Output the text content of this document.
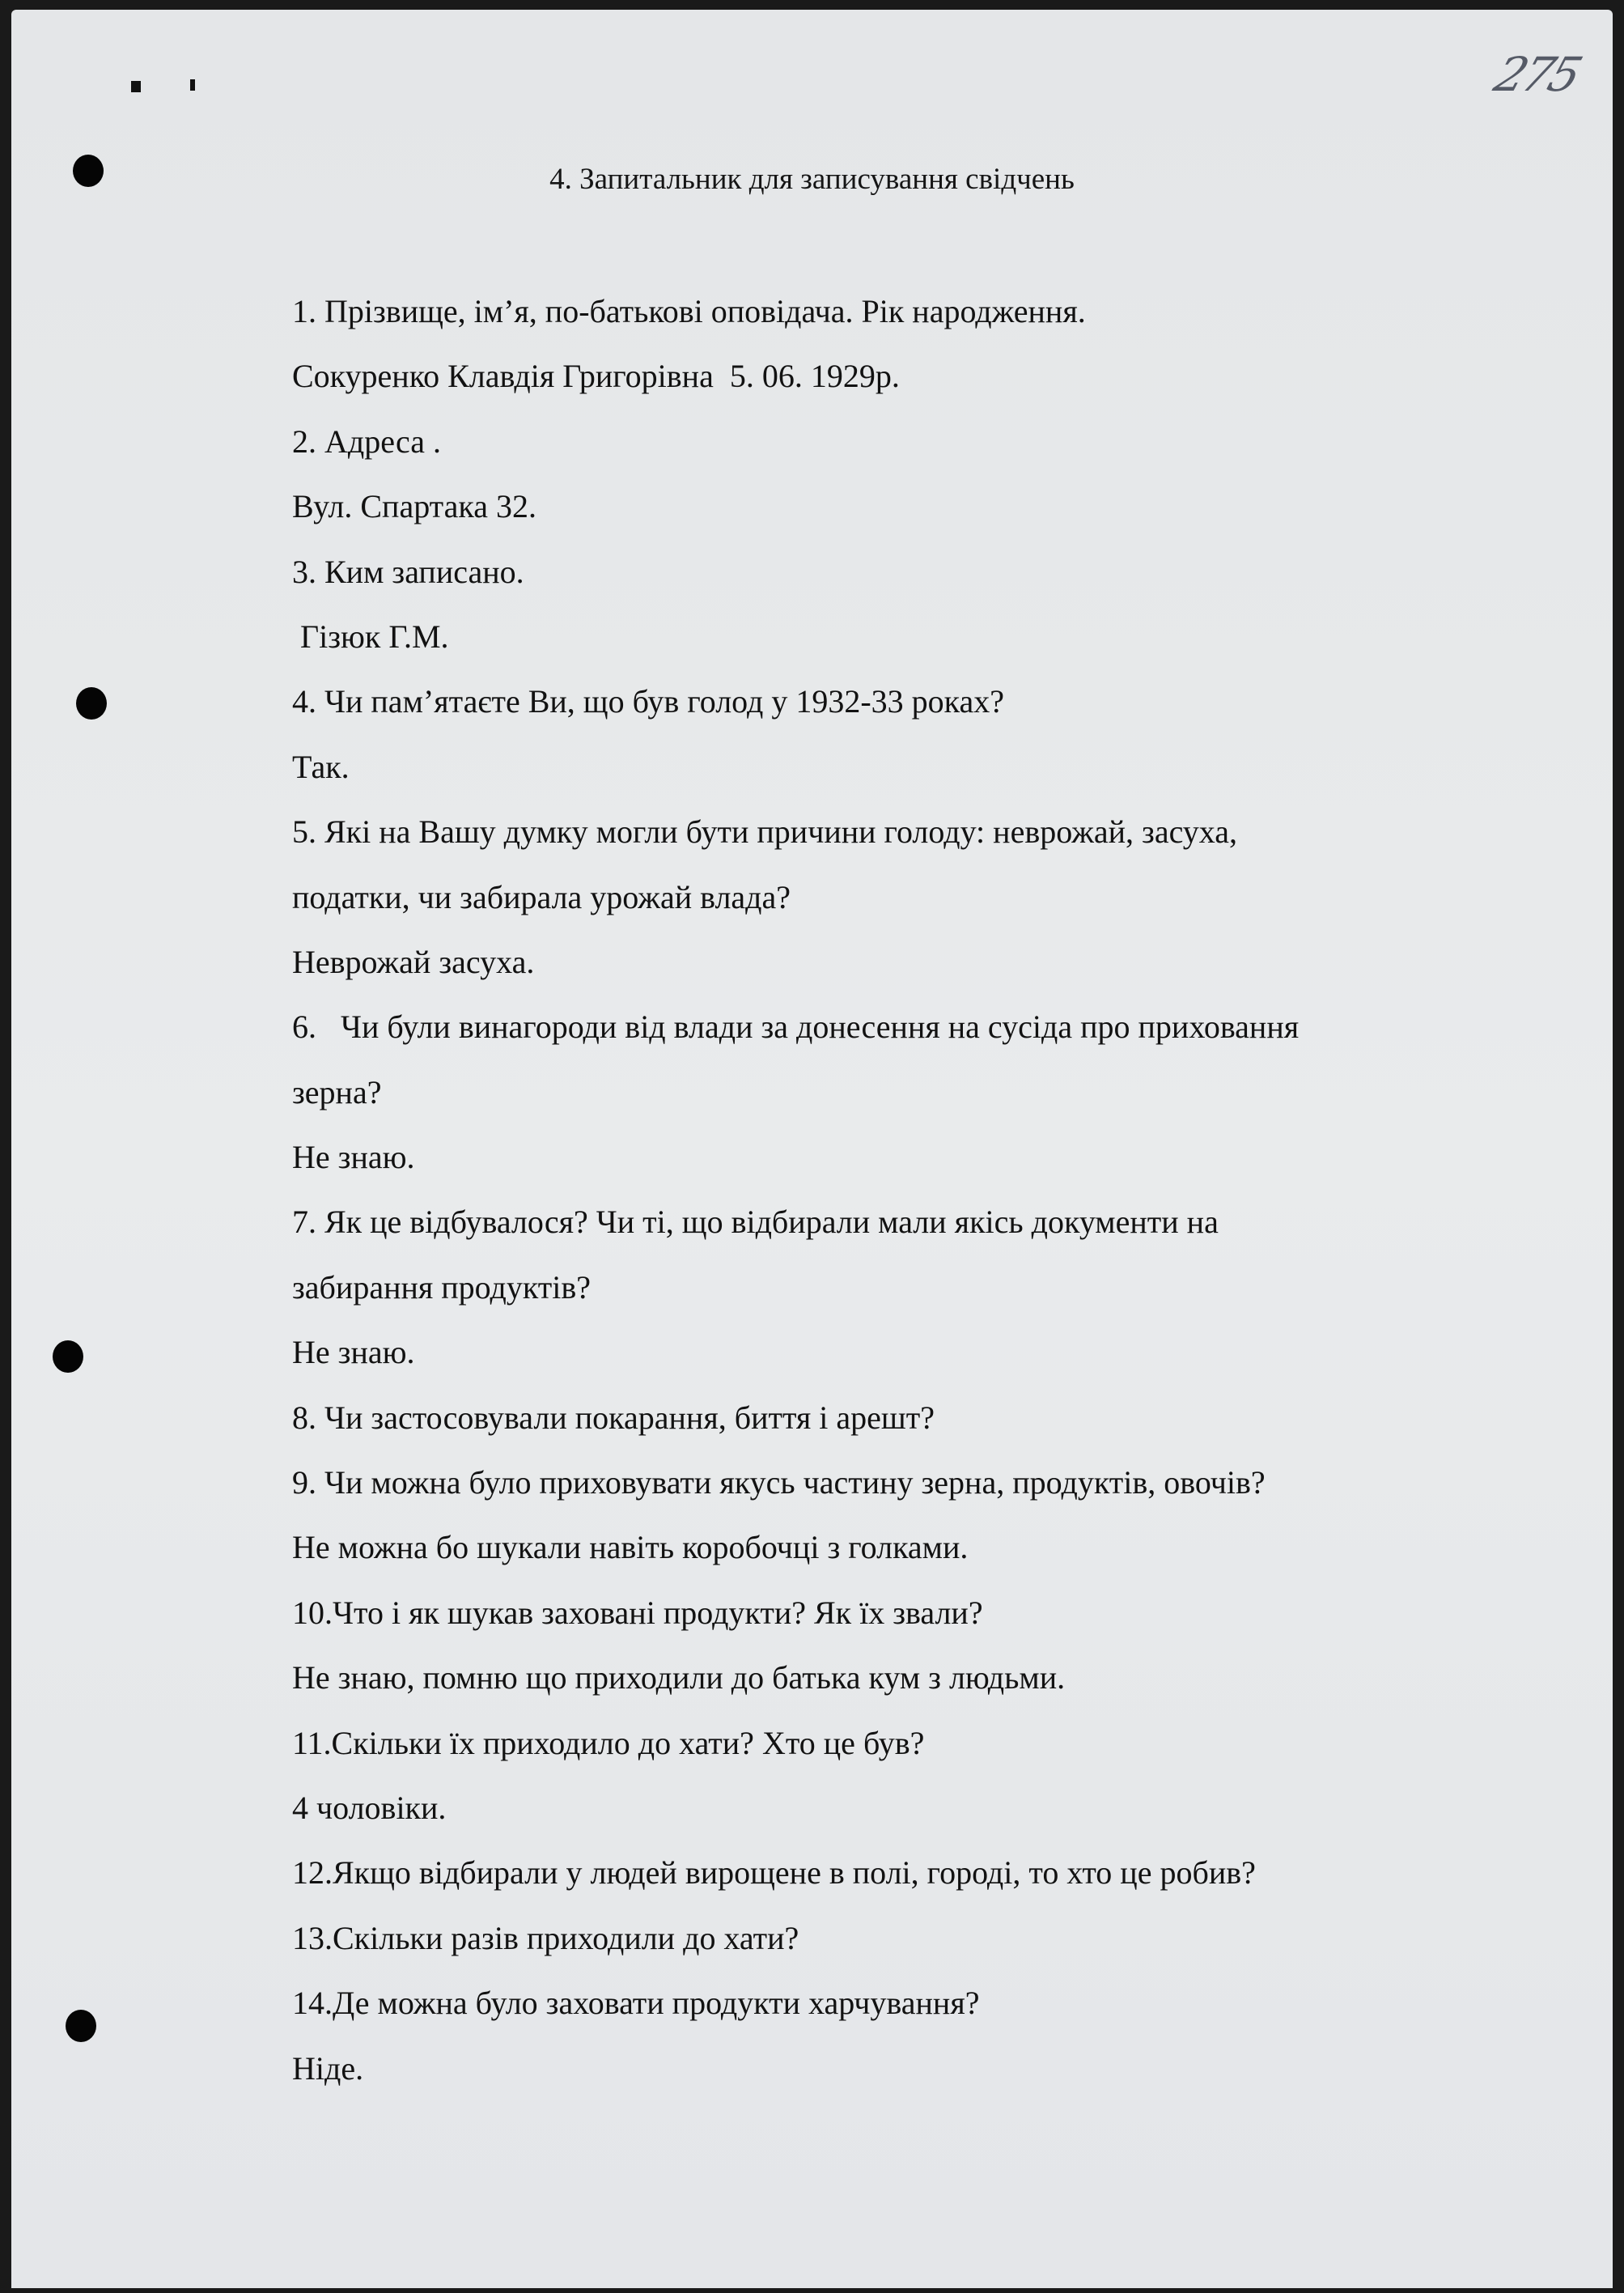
275
4. Запитальник для записування свідчень
1. Прізвище, ім’я, по-батькові оповідача. Рік народження.
Сокуренко Клавдія Григорівна  5. 06. 1929р.
2. Адреса .
Вул. Спартака 32.
3. Ким записано.
Гізюк Г.М.
4. Чи пам’ятаєте Ви, що був голод у 1932-33 роках?
Так.
5. Які на Вашу думку могли бути причини голоду: неврожай, засуха,
податки, чи забирала урожай влада?
Неврожай засуха.
6.   Чи були винагороди від влади за донесення на сусіда про приховання
зерна?
Не знаю.
7. Як це відбувалося? Чи ті, що відбирали мали якісь документи на
забирання продуктів?
Не знаю.
8. Чи застосовували покарання, биття і арешт?
9. Чи можна було приховувати якусь частину зерна, продуктів, овочів?
Не можна бо шукали навіть коробочці з голками.
10.Что і як шукав заховані продукти? Як їх звали?
Не знаю, помню що приходили до батька кум з людьми.
11.Скільки їх приходило до хати? Хто це був?
4 чоловіки.
12.Якщо відбирали у людей вирощене в полі, городі, то хто це робив?
13.Скільки разів приходили до хати?
14.Де можна було заховати продукти харчування?
Ніде.
